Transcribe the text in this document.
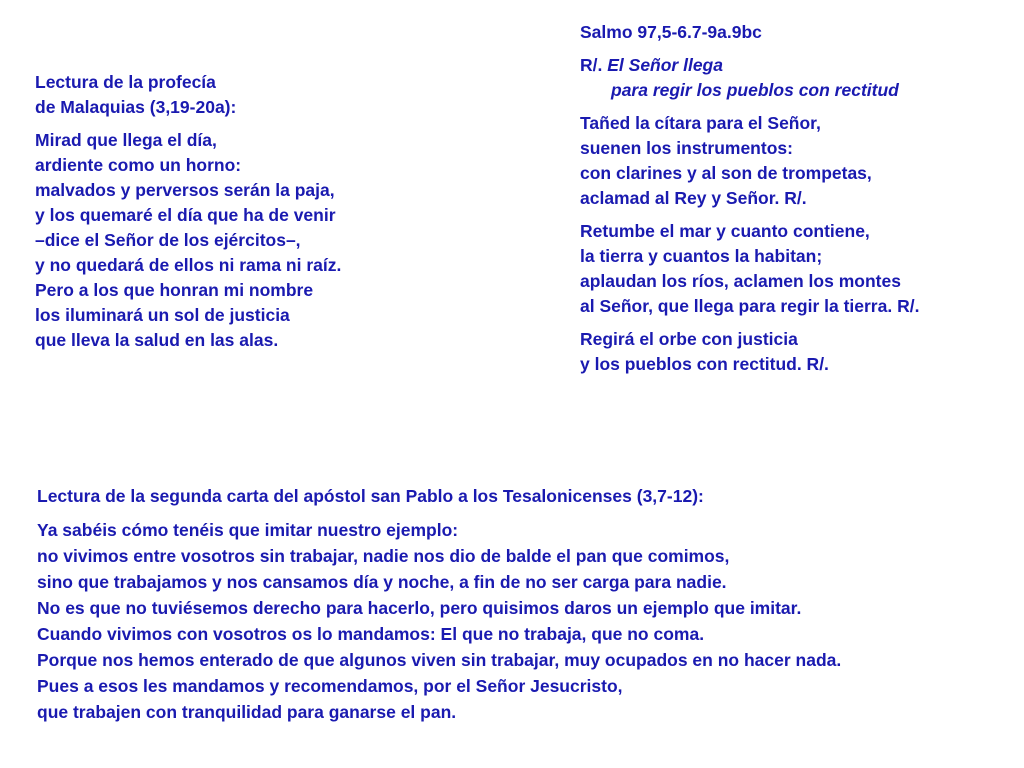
Lectura de la profecía
de Malaquias (3,19-20a):
Mirad que llega el día,
ardiente como un horno:
malvados y perversos serán la paja,
y los quemaré el día que ha de venir
–dice el Señor de los ejércitos–,
y no quedará de ellos ni rama ni raíz.
Pero a los que honran mi nombre
los iluminará un sol de justicia
que lleva la salud en las alas.
Salmo 97,5-6.7-9a.9bc
R/. El Señor llega
para regir los pueblos con rectitud
Tañed la cítara para el Señor,
suenen los instrumentos:
con clarines y al son de trompetas,
aclamad al Rey y Señor. R/.
Retumbe el mar y cuanto contiene,
la tierra y cuantos la habitan;
aplaudan los ríos, aclamen los montes
al Señor, que llega para regir la tierra. R/.
Regirá el orbe con justicia
y los pueblos con rectitud. R/.
Lectura de la segunda carta del apóstol san Pablo a los Tesalonicenses (3,7-12):
Ya sabéis cómo tenéis que imitar nuestro ejemplo:
no vivimos entre vosotros sin trabajar, nadie nos dio de balde el pan que comimos,
sino que trabajamos y nos cansamos día y noche, a fin de no ser carga para nadie.
No es que no tuviésemos derecho para hacerlo, pero quisimos daros un ejemplo que imitar.
Cuando vivimos con vosotros os lo mandamos: El que no trabaja, que no coma.
Porque nos hemos enterado de que algunos viven sin trabajar, muy ocupados en no hacer nada.
Pues a esos les mandamos y recomendamos, por el Señor Jesucristo,
que trabajen con tranquilidad para ganarse el pan.
